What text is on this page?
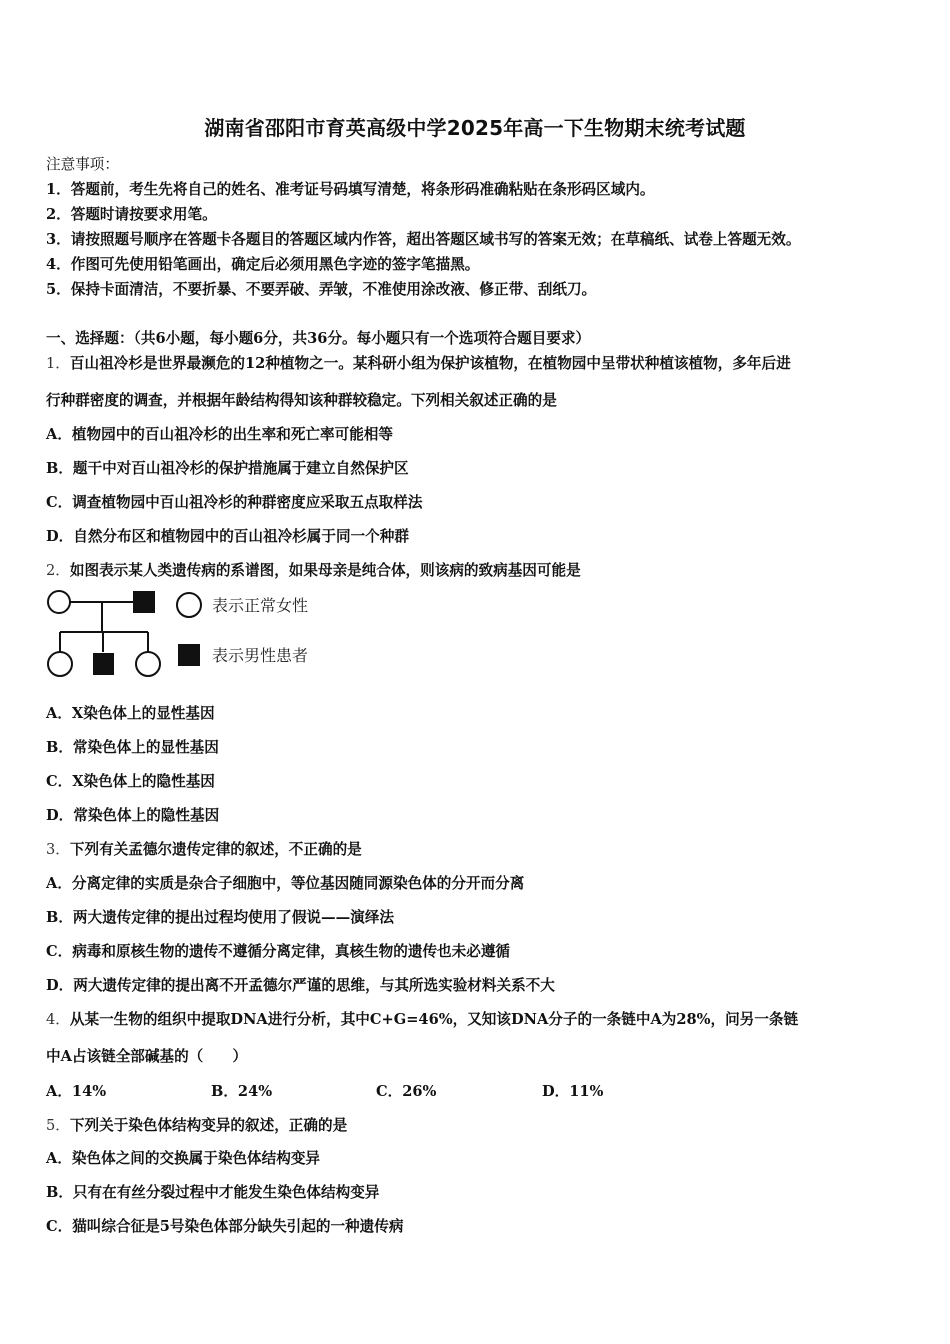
湖南省邵阳市育英高级中学2025年高一下生物期末统考试题
注意事项：
1．答题前，考生先将自己的姓名、准考证号码填写清楚，将条形码准确粘贴在条形码区域内。
2．答题时请按要求用笔。
3．请按照题号顺序在答题卡各题目的答题区域内作答，超出答题区域书写的答案无效；在草稿纸、试卷上答题无效。
4．作图可先使用铅笔画出，确定后必须用黑色字迹的签字笔描黑。
5．保持卡面清洁，不要折暴、不要弄破、弄皱，不准使用涂改液、修正带、刮纸刀。
一、选择题：（共6小题，每小题6分，共36分。每小题只有一个选项符合题目要求）
1．百山祖冷杉是世界最濒危的12种植物之一。某科研小组为保护该植物，在植物园中呈带状种植该植物，多年后进
行种群密度的调查，并根据年龄结构得知该种群较稳定。下列相关叙述正确的是
A．植物园中的百山祖冷杉的出生率和死亡率可能相等
B．题干中对百山祖冷杉的保护措施属于建立自然保护区
C．调查植物园中百山祖冷杉的种群密度应采取五点取样法
D．自然分布区和植物园中的百山祖冷杉属于同一个种群
2．如图表示某人类遗传病的系谱图，如果母亲是纯合体，则该病的致病基因可能是
表示正常女性
表示男性患者
A．X染色体上的显性基因
B．常染色体上的显性基因
C．X染色体上的隐性基因
D．常染色体上的隐性基因
3．下列有关孟德尔遗传定律的叙述，不正确的是
A．分离定律的实质是杂合子细胞中，等位基因随同源染色体的分开而分离
B．两大遗传定律的提出过程均使用了假说——演绎法
C．病毒和原核生物的遗传不遵循分离定律，真核生物的遗传也未必遵循
D．两大遗传定律的提出离不开孟德尔严谨的思维，与其所选实验材料关系不大
4．从某一生物的组织中提取DNA进行分析，其中C+G=46%，又知该DNA分子的一条链中A为28%，问另一条链
中A占该链全部碱基的（　　）
A．14%	B．24%	C．26%	D．11%
5．下列关于染色体结构变异的叙述，正确的是
A．染色体之间的交换属于染色体结构变异
B．只有在有丝分裂过程中才能发生染色体结构变异
C．猫叫综合征是5号染色体部分缺失引起的一种遗传病
